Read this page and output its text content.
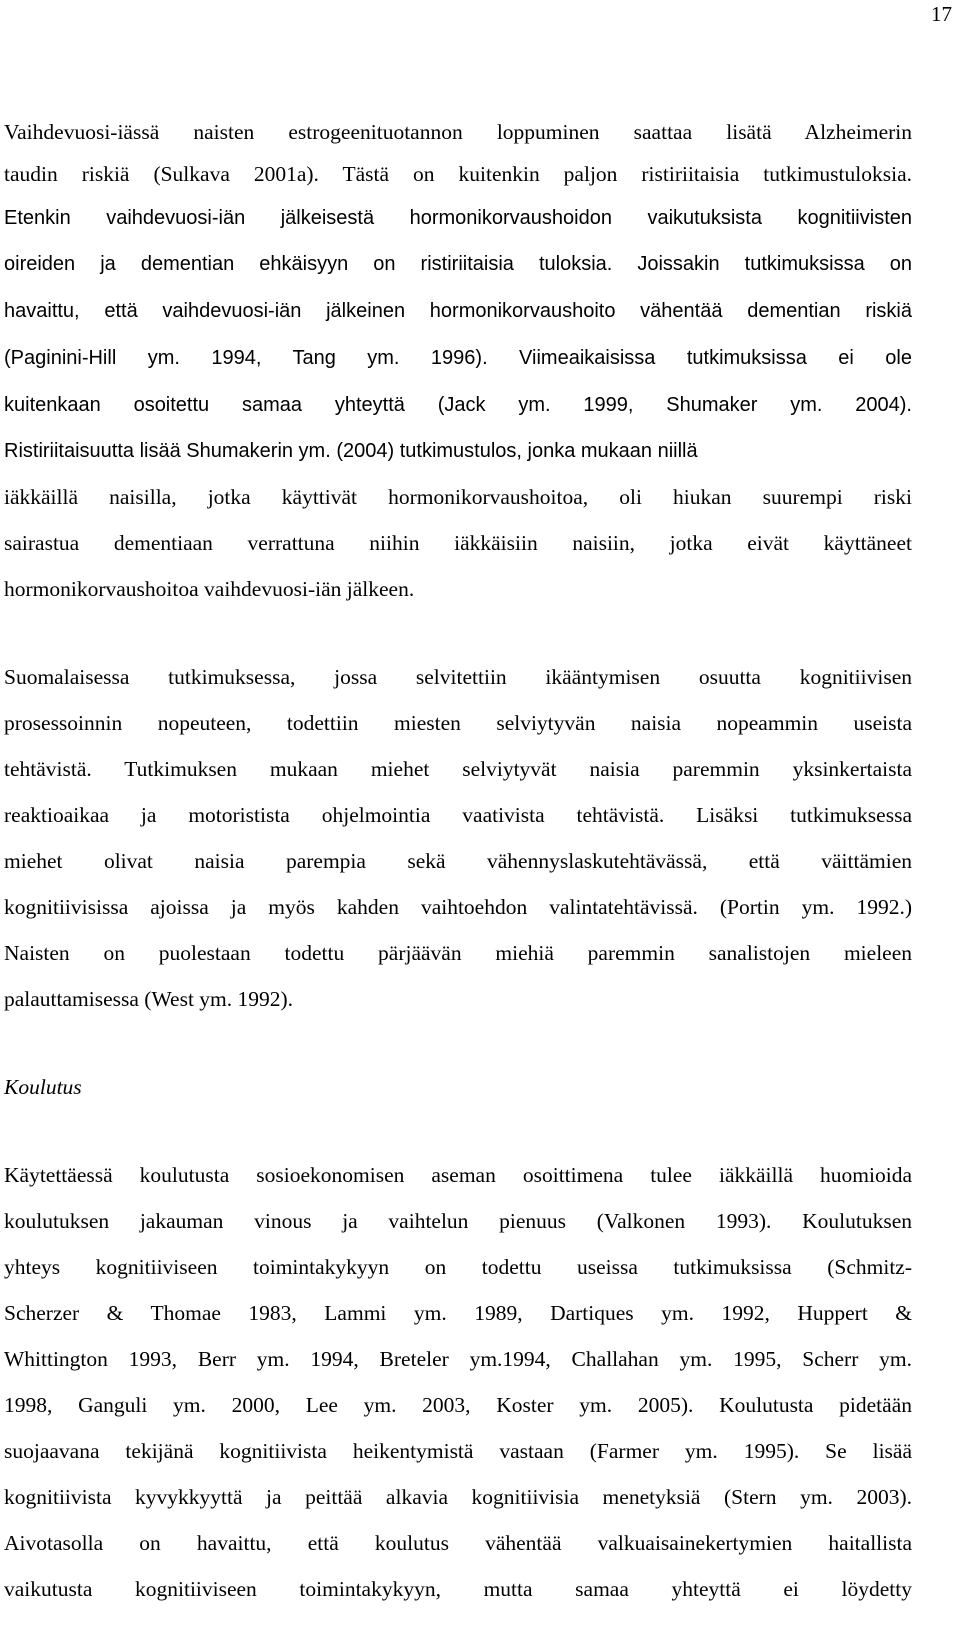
17

Vaihdevuosi-iässä naisten estrogeenituotannon loppuminen saattaa lisätä Alzheimerin

taudin riskiä (Sulkava 2001a). Tästä on kuitenkin paljon ristiriitaisia tutkimustuloksia.

Etenkin vaihdevuosi-iän jälkeisestä hormonikorvaushoidon vaikutuksista kognitiivisten

oireiden ja dementian ehkäisyyn on ristiriitaisia tuloksia. Joissakin tutkimuksissa on

havaittu, että vaihdevuosi-iän jälkeinen hormonikorvaushoito vähentää dementian riskiä

(Paginini-Hill ym. 1994, Tang ym. 1996). Viimeaikaisissa tutkimuksissa ei ole

kuitenkaan osoitettu samaa yhteyttä (Jack ym. 1999, Shumaker ym. 2004).

Ristiriitaisuutta lisää Shumakerin ym. (2004) tutkimustulos, jonka mukaan niillä

iäkkäillä naisilla, jotka käyttivät hormonikorvaushoitoa, oli hiukan suurempi riski

sairastua dementiaan verrattuna niihin iäkkäisiin naisiin, jotka eivät käyttäneet

hormonikorvaushoitoa vaihdevuosi-iän jälkeen.

Suomalaisessa tutkimuksessa, jossa selvitettiin ikääntymisen osuutta kognitiivisen

prosessoinnin nopeuteen, todettiin miesten selviytyvän naisia nopeammin useista

tehtävistä. Tutkimuksen mukaan miehet selviytyvät naisia paremmin yksinkertaista

reaktioaikaa ja motoristista ohjelmointia vaativista tehtävistä. Lisäksi tutkimuksessa

miehet olivat naisia parempia sekä vähennyslaskutehtävässä, että väittämien

kognitiivisissa ajoissa ja myös kahden vaihtoehdon valintatehtävissä. (Portin ym. 1992.)

Naisten on puolestaan todettu pärjäävän miehiä paremmin sanalistojen mieleen

palauttamisessa (West ym. 1992).

Koulutus

Käytettäessä koulutusta sosioekonomisen aseman osoittimena tulee iäkkäillä huomioida

koulutuksen jakauman vinous ja vaihtelun pienuus (Valkonen 1993). Koulutuksen

yhteys kognitiiviseen toimintakykyyn on todettu useissa tutkimuksissa (Schmitz-

Scherzer & Thomae 1983, Lammi ym. 1989, Dartiques ym. 1992, Huppert &

Whittington 1993, Berr ym. 1994, Breteler ym.1994, Challahan ym. 1995, Scherr ym.

1998, Ganguli ym. 2000, Lee ym. 2003, Koster ym. 2005). Koulutusta pidetään

suojaavana tekijänä kognitiivista heikentymistä vastaan (Farmer ym. 1995). Se lisää

kognitiivista kyvykkyyttä ja peittää alkavia kognitiivisia menetyksiä (Stern ym. 2003).

Aivotasolla on havaittu, että koulutus vähentää valkuaisainekertymien haitallista

vaikutusta kognitiiviseen toimintakykyyn, mutta samaa yhteyttä ei löydetty
